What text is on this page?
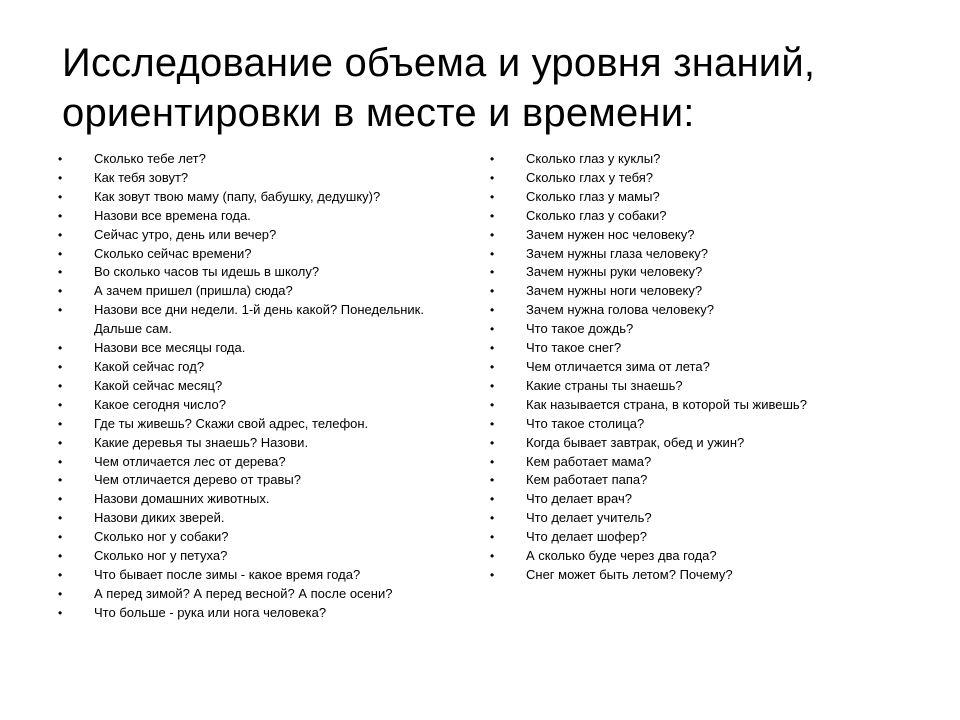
Исследование объема и уровня знаний,
ориентировки в месте и времени:
• Сколько тебе лет?
• Как тебя зовут?
• Как зовут твою маму (папу, бабушку, дедушку)?
• Назови все времена года.
• Сейчас утро, день или вечер?
• Сколько сейчас времени?
• Во сколько часов ты идешь в школу?
• А зачем пришел (пришла) сюда?
• Назови все дни недели. 1-й день какой? Понедельник. Дальше сам.
• Назови все месяцы года.
• Какой сейчас год?
• Какой сейчас месяц?
• Какое сегодня число?
• Где ты живешь? Скажи свой адрес, телефон.
• Какие деревья ты знаешь? Назови.
• Чем отличается лес от дерева?
• Чем отличается дерево от травы?
• Назови домашних животных.
• Назови диких зверей.
• Сколько ног у собаки?
• Сколько ног у петуха?
• Что бывает после зимы - какое время года?
• А перед зимой? А перед весной? А после осени?
• Что больше - рука или нога человека?
• Сколько глаз у куклы?
• Сколько глах у тебя?
• Сколько глаз у мамы?
• Сколько глаз у собаки?
• Зачем нужен нос человеку?
• Зачем нужны глаза человеку?
• Зачем нужны руки человеку?
• Зачем нужны ноги человеку?
• Зачем нужна голова человеку?
• Что такое дождь?
• Что такое снег?
• Чем отличается зима от лета?
• Какие страны ты знаешь?
• Как называется страна, в которой ты живешь?
• Что такое столица?
• Когда бывает завтрак, обед и ужин?
• Кем работает мама?
• Кем работает папа?
• Что делает врач?
• Что делает учитель?
• Что делает шофер?
• А сколько буде через два года?
• Снег может быть летом? Почему?
